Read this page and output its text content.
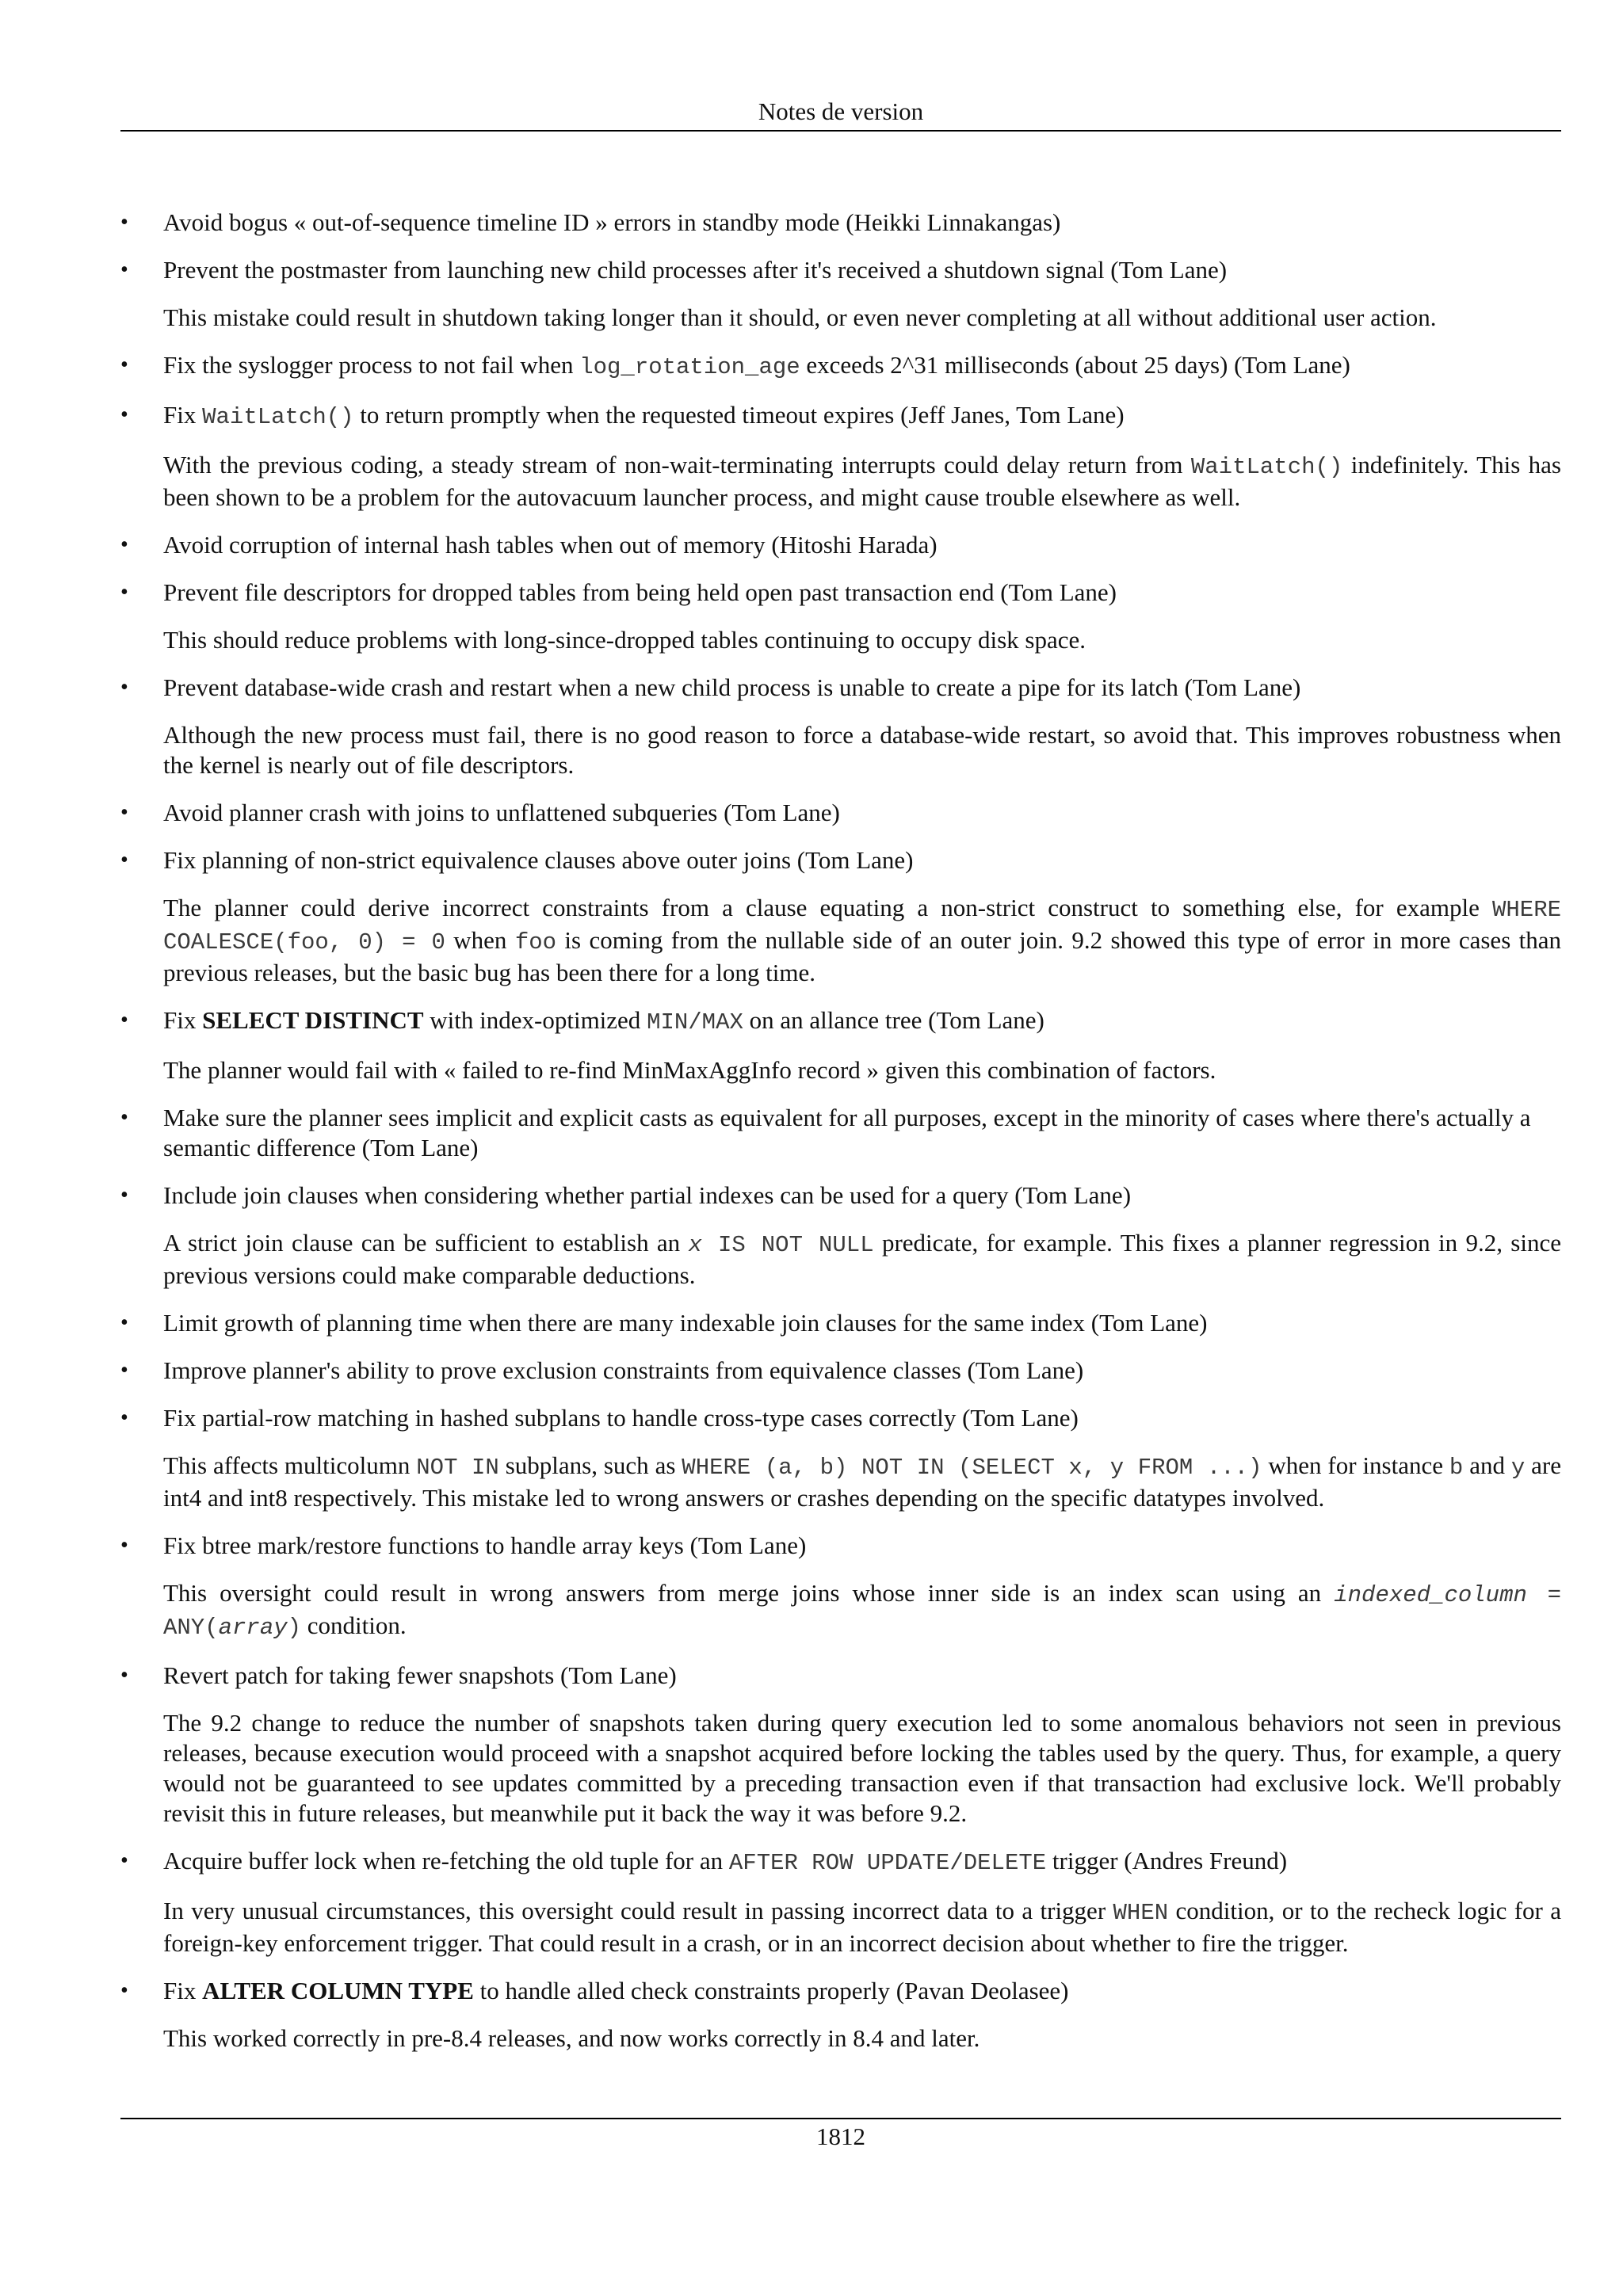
Notes de version
•	Avoid bogus « out-of-sequence timeline ID » errors in standby mode (Heikki Linnakangas)
•	Prevent the postmaster from launching new child processes after it's received a shutdown signal (Tom Lane)
This mistake could result in shutdown taking longer than it should, or even never completing at all without additional user action.
•	Fix the syslogger process to not fail when log_rotation_age exceeds 2^31 milliseconds (about 25 days) (Tom Lane)
•	Fix WaitLatch() to return promptly when the requested timeout expires (Jeff Janes, Tom Lane)
With the previous coding, a steady stream of non-wait-terminating interrupts could delay return from WaitLatch() indefinitely. This has been shown to be a problem for the autovacuum launcher process, and might cause trouble elsewhere as well.
•	Avoid corruption of internal hash tables when out of memory (Hitoshi Harada)
•	Prevent file descriptors for dropped tables from being held open past transaction end (Tom Lane)
This should reduce problems with long-since-dropped tables continuing to occupy disk space.
•	Prevent database-wide crash and restart when a new child process is unable to create a pipe for its latch (Tom Lane)
Although the new process must fail, there is no good reason to force a database-wide restart, so avoid that. This improves robustness when the kernel is nearly out of file descriptors.
•	Avoid planner crash with joins to unflattened subqueries (Tom Lane)
•	Fix planning of non-strict equivalence clauses above outer joins (Tom Lane)
The planner could derive incorrect constraints from a clause equating a non-strict construct to something else, for example WHERE COALESCE(foo, 0) = 0 when foo is coming from the nullable side of an outer join. 9.2 showed this type of error in more cases than previous releases, but the basic bug has been there for a long time.
•	Fix SELECT DISTINCT with index-optimized MIN/MAX on an allance tree (Tom Lane)
The planner would fail with « failed to re-find MinMaxAggInfo record » given this combination of factors.
•	Make sure the planner sees implicit and explicit casts as equivalent for all purposes, except in the minority of cases where there's actually a semantic difference (Tom Lane)
•	Include join clauses when considering whether partial indexes can be used for a query (Tom Lane)
A strict join clause can be sufficient to establish an x IS NOT NULL predicate, for example. This fixes a planner regression in 9.2, since previous versions could make comparable deductions.
•	Limit growth of planning time when there are many indexable join clauses for the same index (Tom Lane)
•	Improve planner's ability to prove exclusion constraints from equivalence classes (Tom Lane)
•	Fix partial-row matching in hashed subplans to handle cross-type cases correctly (Tom Lane)
This affects multicolumn NOT IN subplans, such as WHERE (a, b) NOT IN (SELECT x, y FROM ...) when for instance b and y are int4 and int8 respectively. This mistake led to wrong answers or crashes depending on the specific datatypes involved.
•	Fix btree mark/restore functions to handle array keys (Tom Lane)
This oversight could result in wrong answers from merge joins whose inner side is an index scan using an indexed_column = ANY(array) condition.
•	Revert patch for taking fewer snapshots (Tom Lane)
The 9.2 change to reduce the number of snapshots taken during query execution led to some anomalous behaviors not seen in previous releases, because execution would proceed with a snapshot acquired before locking the tables used by the query. Thus, for example, a query would not be guaranteed to see updates committed by a preceding transaction even if that transaction had exclusive lock. We'll probably revisit this in future releases, but meanwhile put it back the way it was before 9.2.
•	Acquire buffer lock when re-fetching the old tuple for an AFTER ROW UPDATE/DELETE trigger (Andres Freund)
In very unusual circumstances, this oversight could result in passing incorrect data to a trigger WHEN condition, or to the recheck logic for a foreign-key enforcement trigger. That could result in a crash, or in an incorrect decision about whether to fire the trigger.
•	Fix ALTER COLUMN TYPE to handle alled check constraints properly (Pavan Deolasee)
This worked correctly in pre-8.4 releases, and now works correctly in 8.4 and later.
1812
